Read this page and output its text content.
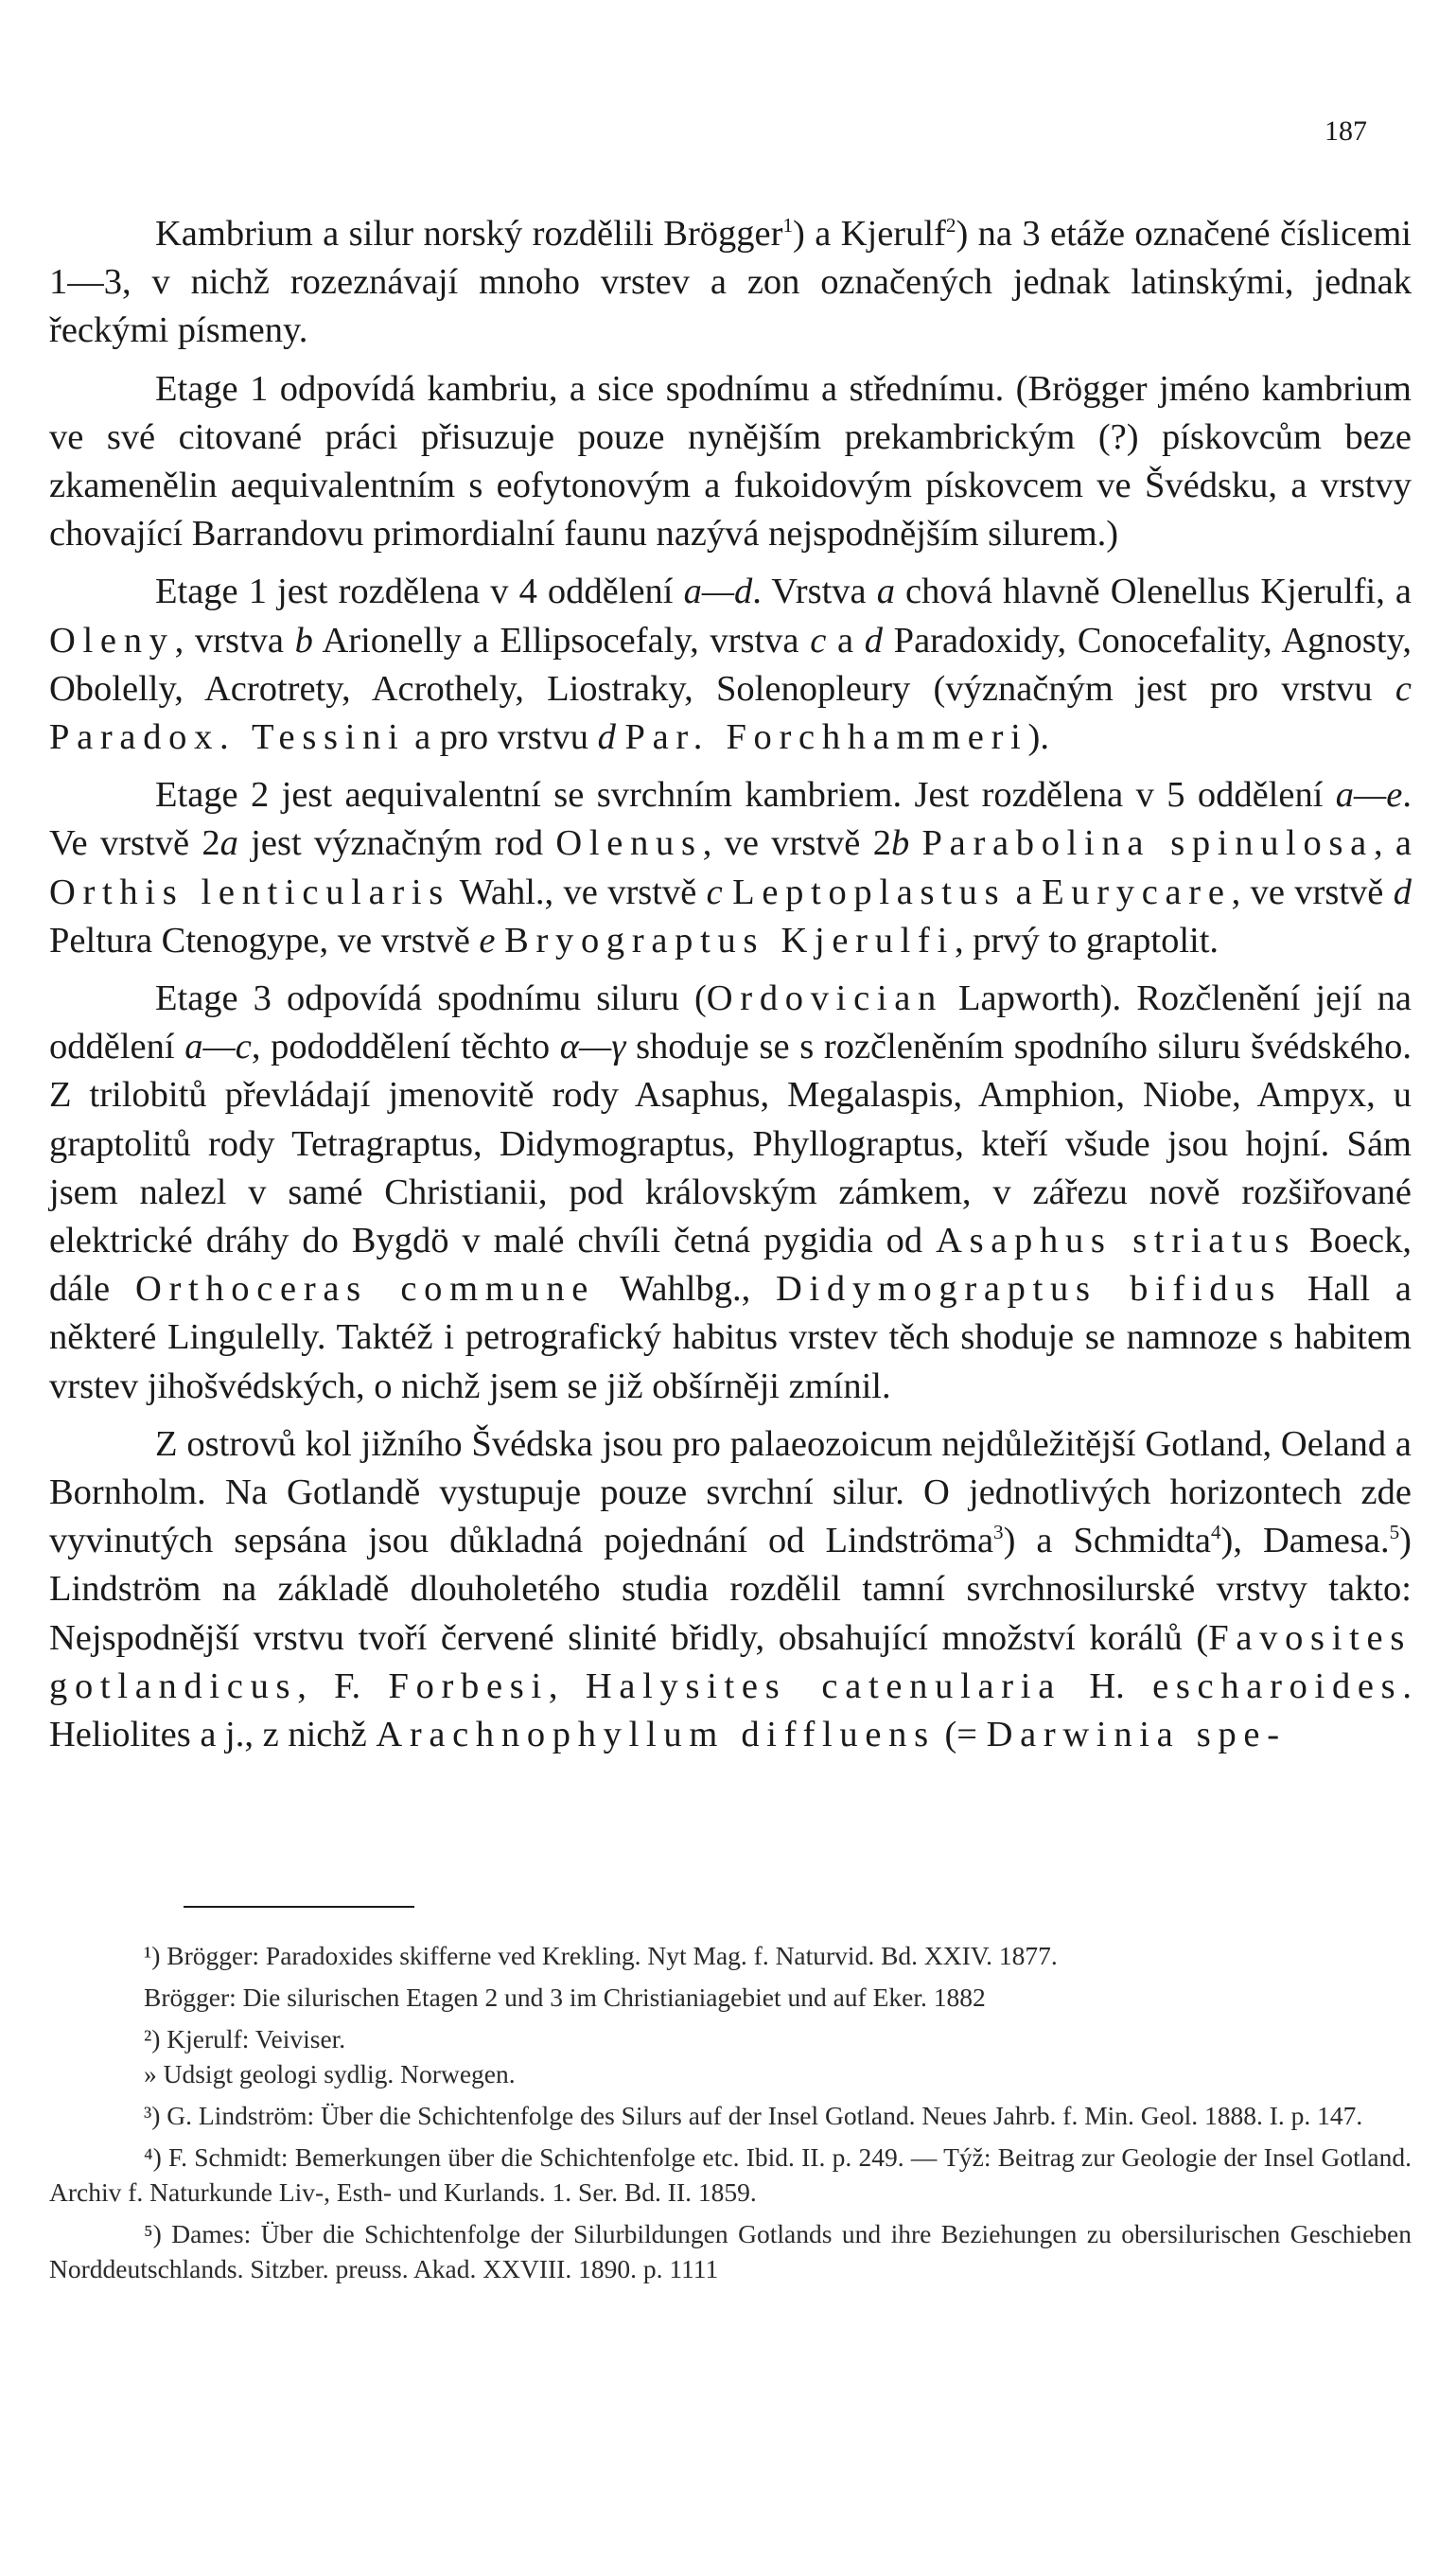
187

Kambrium a silur norský rozdělili Brögger$^1$) a Kjerulf$^2$) na 3 etáže označené číslicemi 1—3, v nichž rozeznávají mnoho vrstev a zon označených jednak latinskými, jednak řeckými písmeny.

Etage 1 odpovídá kambriu, a sice spodnímu a střednímu. (Brögger jméno kambrium ve své citované práci přisuzuje pouze nynějším prekambrickým (?) pískovcům beze zkamenělin aequivalentním s eofytonovým a fukoidovým pískovcem ve Švédsku, a vrstvy chovající Barrandovu primordialní faunu nazývá nejspodnějším silurem.)

Etage 1 jest rozdělena v 4 oddělení a—d. Vrstva a chová hlavně Olenellus Kjerulfi, a Oleny, vrstva b Arionelly a Ellipsocefaly, vrstva c a d Paradoxidy, Conocefality, Agnosty, Obolelly, Acrotrety, Acrothely, Liostraky, Solenopleury (význačným jest pro vrstvu c Paradox. Tessini a pro vrstvu d Par. Forchhammeri).

Etage 2 jest aequivalentní se svrchním kambriem. Jest rozdělena v 5 oddělení a—e. Ve vrstvě 2a jest význačným rod Olenus, ve vrstvě 2b Parabolina spinulosa, a Orthis lenticularis Wahl., ve vrstvě c Leptoplastus a Eurycare, ve vrstvě d Peltura Ctenogype, ve vrstvě e Bryograptus Kjerulfi, prvý to graptolit.

Etage 3 odpovídá spodnímu siluru (Ordovician Lapworth). Rozčlenění její na oddělení a—c, pododdělení těchto α—γ shoduje se s rozčleněním spodního siluru švédského. Z trilobitů převládají jmenovitě rody Asaphus, Megalaspis, Amphion, Niobe, Ampyx, u graptolitů rody Tetragraptus, Didymograptus, Phyllograptus, kteří všude jsou hojní. Sám jsem nalezl v samé Christianii, pod královským zámkem, v zářezu nově rozšiřované elektrické dráhy do Bygdö v malé chvíli četná pygidia od Asaphus striatus Boeck, dále Orthoceras commune Wahlbg., Didymograptus bifidus Hall a některé Lingulelly. Taktéž i petrografický habitus vrstev těch shoduje se namnoze s habitem vrstev jihošvédských, o nichž jsem se již obšírněji zmínil.

Z ostrovů kol jižního Švédska jsou pro palaeozoicum nejdůležitější Gotland, Oeland a Bornholm. Na Gotlandě vystupuje pouze svrchní silur. O jednotlivých horizontech zde vyvinutých sepsána jsou důkladná pojednání od Lindströma$^3$) a Schmidta$^4$), Damesa.$^5$) Lindström na základě dlouholetého studia rozdělil tamní svrchnosilurské vrstvy takto: Nejspodnější vrstvu tvoří červené slinité břidly, obsahující množství korálů (Favosites gotlandicus, F. Forbesi, Halysites catenularia H. escharoides. Heliolites a j., z nichž Arachnophyllum diffluens (= Darwinia spe-

¹) Brögger: Paradoxides skifferne ved Krekling. Nyt Mag. f. Naturvid. Bd. XXIV. 1877.

Brögger: Die silurischen Etagen 2 und 3 im Christianiagebiet und auf Eker. 1882

²) Kjerulf: Veiviser.

» Udsigt geologi sydlig. Norwegen.

³) G. Lindström: Über die Schichtenfolge des Silurs auf der Insel Gotland. Neues Jahrb. f. Min. Geol. 1888. I. p. 147.

⁴) F. Schmidt: Bemerkungen über die Schichtenfolge etc. Ibid. II. p. 249. — Týž: Beitrag zur Geologie der Insel Gotland. Archiv f. Naturkunde Liv-, Esth- und Kurlands. 1. Ser. Bd. II. 1859.

⁵) Dames: Über die Schichtenfolge der Silurbildungen Gotlands und ihre Beziehungen zu obersilurischen Geschieben Norddeutschlands. Sitzber. preuss. Akad. XXVIII. 1890. p. 1111
